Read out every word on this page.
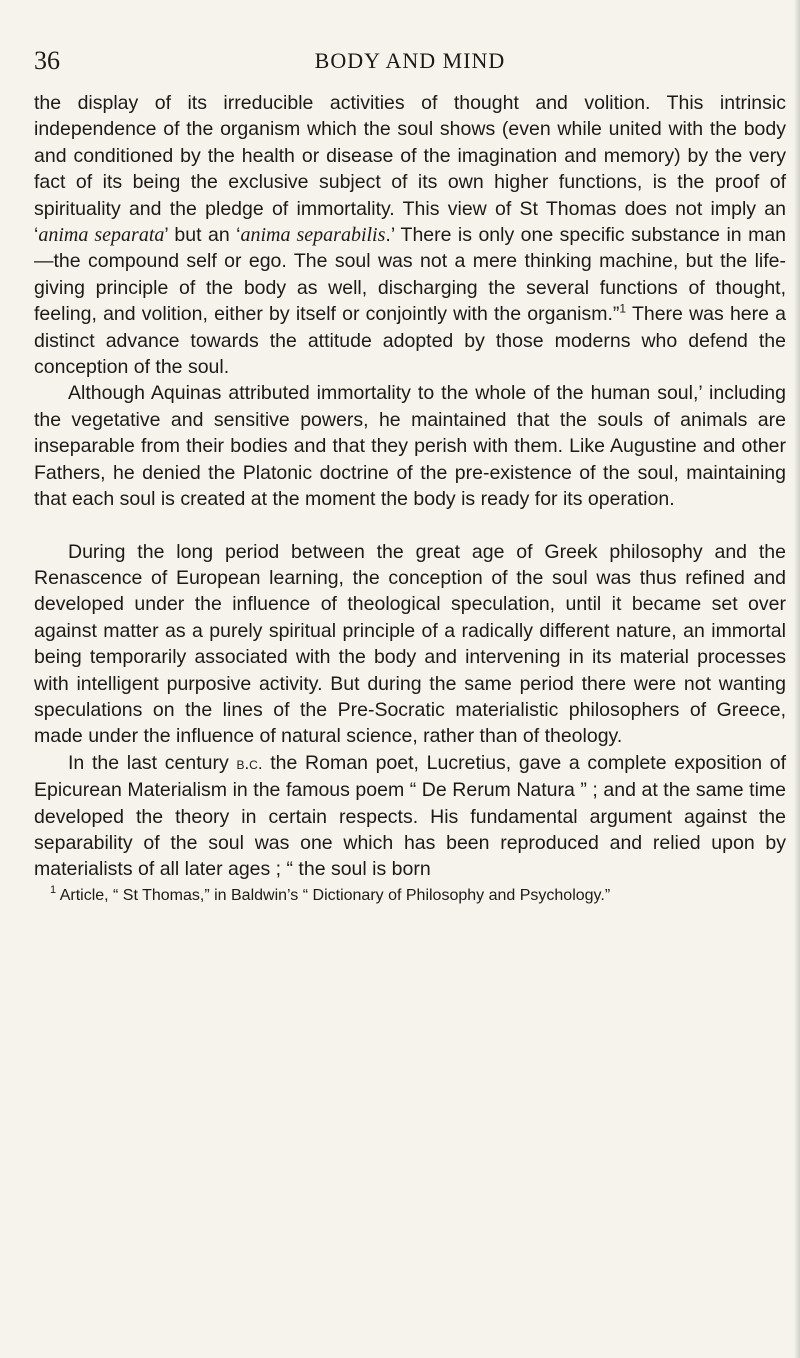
36	BODY AND MIND

the display of its irreducible activities of thought and volition. This intrinsic independence of the organism which the soul shows (even while united with the body and conditioned by the health or disease of the imagination and memory) by the very fact of its being the exclusive subject of its own higher functions, is the proof of spirituality and the pledge of immortality. This view of St Thomas does not imply an ‘anima separata’ but an ‘anima separabilis.’ There is only one specific substance in man—the compound self or ego. The soul was not a mere thinking machine, but the life-giving principle of the body as well, discharging the several functions of thought, feeling, and volition, either by itself or conjointly with the organism.”$^1$ There was here a distinct advance towards the attitude adopted by those moderns who defend the conception of the soul.

Although Aquinas attributed immortality to the whole of the human soul,’ including the vegetative and sensitive powers, he maintained that the souls of animals are inseparable from their bodies and that they perish with them. Like Augustine and other Fathers, he denied the Platonic doctrine of the pre-existence of the soul, maintaining that each soul is created at the moment the body is ready for its operation.

During the long period between the great age of Greek philosophy and the Renascence of European learning, the conception of the soul was thus refined and developed under the influence of theological speculation, until it became set over against matter as a purely spiritual principle of a radically different nature, an immortal being temporarily associated with the body and intervening in its material processes with intelligent purposive activity. But during the same period there were not wanting speculations on the lines of the Pre-Socratic materialistic philosophers of Greece, made under the influence of natural science, rather than of theology.

In the last century b.c. the Roman poet, Lucretius, gave a complete exposition of Epicurean Materialism in the famous poem “ De Rerum Natura ” ; and at the same time developed the theory in certain respects. His fundamental argument against the separability of the soul was one which has been reproduced and relied upon by materialists of all later ages ; “ the soul is born

$^1$ Article, “ St Thomas,” in Baldwin’s “ Dictionary of Philosophy and Psychology.”
